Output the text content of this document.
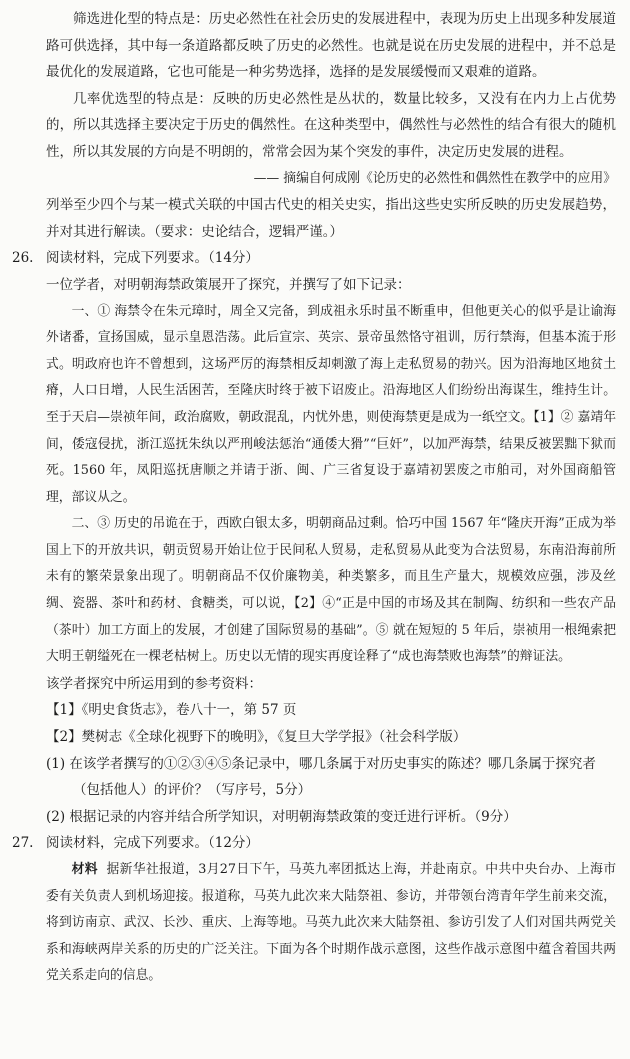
筛选进化型的特点是：历史必然性在社会历史的发展进程中，表现为历史上出现多种发展道路可供选择，其中每一条道路都反映了历史的必然性。也就是说在历史发展的进程中，并不总是最优化的发展道路，它也可能是一种劣势选择，选择的是发展缓慢而又艰难的道路。

几率优选型的特点是：反映的历史必然性是丛状的，数量比较多，又没有在内力上占优势的，所以其选择主要决定于历史的偶然性。在这种类型中，偶然性与必然性的结合有很大的随机性，所以其发展的方向是不明朗的，常常会因为某个突发的事件，决定历史发展的进程。

—— 摘编自何成刚《论历史的必然性和偶然性在教学中的应用》

列举至少四个与某一模式关联的中国古代史的相关史实，指出这些史实所反映的历史发展趋势，并对其进行解读。（要求：史论结合，逻辑严谨。）

26. 阅读材料，完成下列要求。（14分）

一位学者，对明朝海禁政策展开了探究，并撰写了如下记录：

一、① 海禁令在朱元璋时，周全又完备，到成祖永乐时虽不断重申，但他更关心的似乎是让谕海外诸番，宣扬国威，显示皇恩浩荡。此后宣宗、英宗、景帝虽然恪守祖训，厉行禁海，但基本流于形式。明政府也许不曾想到，这场严厉的海禁相反却刺激了海上走私贸易的勃兴。因为沿海地区地贫土瘠，人口日增，人民生活困苦，至隆庆时终于被下诏废止。沿海地区人们纷纷出海谋生，维持生计。至于天启—崇祯年间，政治腐败，朝政混乱，内忧外患，则使海禁更是成为一纸空文。【1】② 嘉靖年间，倭寇侵扰，浙江巡抚朱纨以严刑峻法惩治“通倭大猾”“巨奸”，以加严海禁，结果反被罢黜下狱而死。1560 年，凤阳巡抚唐顺之并请于浙、闽、广三省复设于嘉靖初罢废之市舶司，对外国商船管理，部议从之。

二、③ 历史的吊诡在于，西欧白银太多，明朝商品过剩。恰巧中国 1567 年“隆庆开海”正成为举国上下的开放共识，朝贡贸易开始让位于民间私人贸易，走私贸易从此变为合法贸易，东南沿海前所未有的繁荣景象出现了。明朝商品不仅价廉物美，种类繁多，而且生产量大，规模效应强，涉及丝绸、瓷器、茶叶和药材、食糖类，可以说，【2】④“正是中国的市场及其在制陶、纺织和一些农产品（茶叶）加工方面上的发展，才创建了国际贸易的基础”。⑤ 就在短短的 5 年后，崇祯用一根绳索把大明王朝缢死在一棵老枯树上。历史以无情的现实再度诠释了“成也海禁败也海禁”的辩证法。

该学者探究中所运用到的参考资料：

【1】《明史食货志》，卷八十一，第 57 页

【2】樊树志《全球化视野下的晚明》，《复旦大学学报》（社会科学版）

(1) 在该学者撰写的①②③④⑤条记录中，哪几条属于对历史事实的陈述？哪几条属于探究者（包括他人）的评价？（写序号，5分）

(2) 根据记录的内容并结合所学知识，对明朝海禁政策的变迁进行评析。（9分）

27. 阅读材料，完成下列要求。（12分）

材料 据新华社报道，3月27日下午，马英九率团抵达上海，并赴南京。中共中央台办、上海市委有关负责人到机场迎接。报道称，马英九此次来大陆祭祖、参访，并带领台湾青年学生前来交流，将到访南京、武汉、长沙、重庆、上海等地。马英九此次来大陆祭祖、参访引发了人们对国共两党关系和海峡两岸关系的历史的广泛关注。下面为各个时期作战示意图，这些作战示意图中蕴含着国共两党关系走向的信息。
